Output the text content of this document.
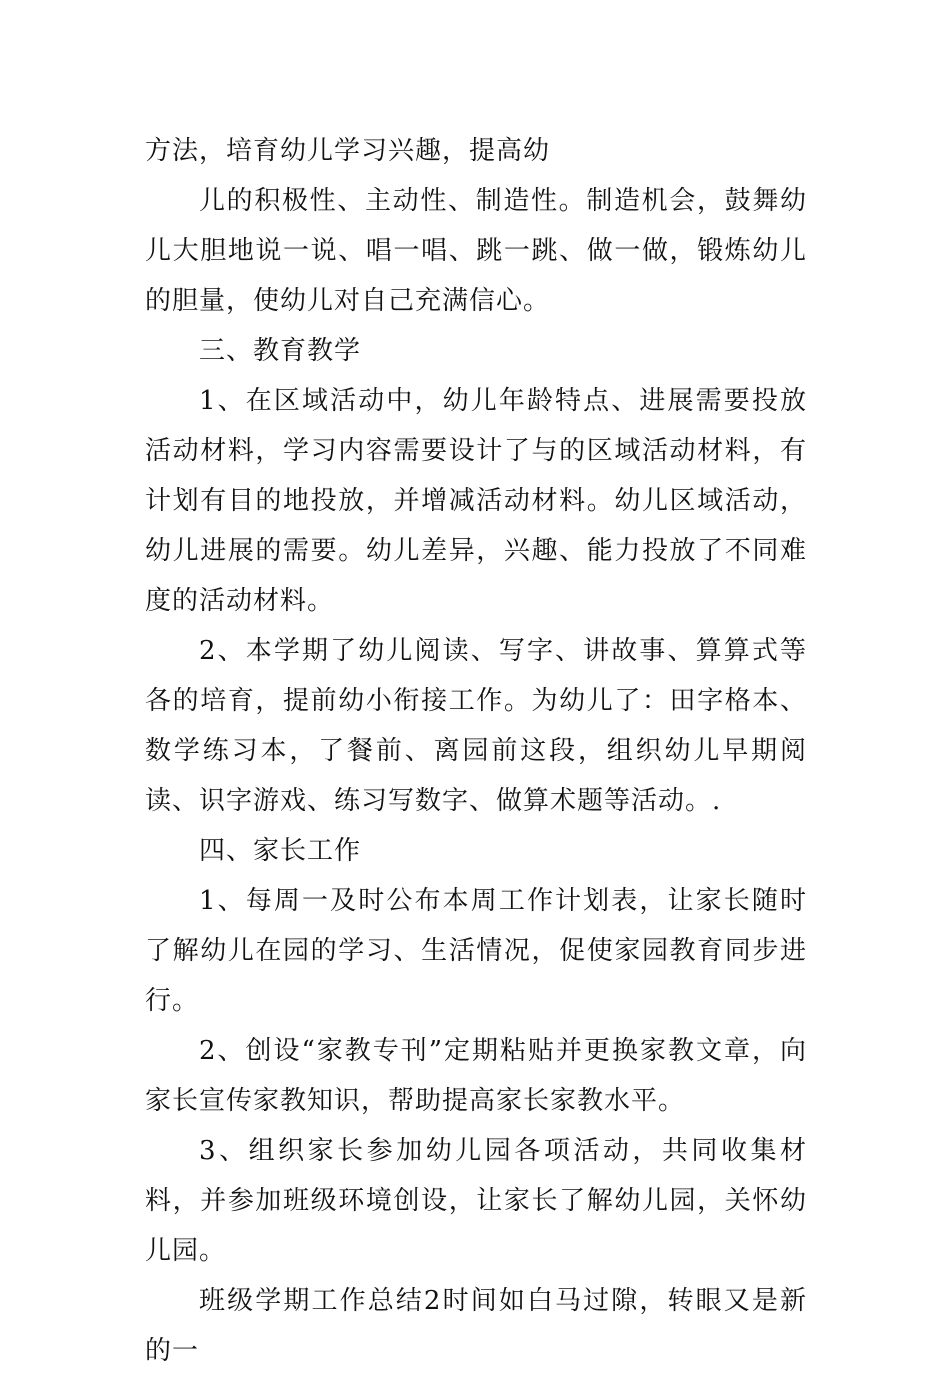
方法，培育幼儿学习兴趣，提高幼

儿的积极性、主动性、制造性。制造机会，鼓舞幼儿大胆地说一说、唱一唱、跳一跳、做一做，锻炼幼儿的胆量，使幼儿对自己充满信心。

三、教育教学

1、在区域活动中，幼儿年龄特点、进展需要投放活动材料，学习内容需要设计了与的区域活动材料，有计划有目的地投放，并增减活动材料。幼儿区域活动，幼儿进展的需要。幼儿差异，兴趣、能力投放了不同难度的活动材料。

2、本学期了幼儿阅读、写字、讲故事、算算式等各的培育，提前幼小衔接工作。为幼儿了：田字格本、数学练习本，了餐前、离园前这段，组织幼儿早期阅读、识字游戏、练习写数字、做算术题等活动。.

四、家长工作

1、每周一及时公布本周工作计划表，让家长随时了解幼儿在园的学习、生活情况，促使家园教育同步进行。

2、创设“家教专刊”定期粘贴并更换家教文章，向家长宣传家教知识，帮助提高家长家教水平。

3、组织家长参加幼儿园各项活动，共同收集材料，并参加班级环境创设，让家长了解幼儿园，关怀幼儿园。

班级学期工作总结2时间如白马过隙，转眼又是新的一
